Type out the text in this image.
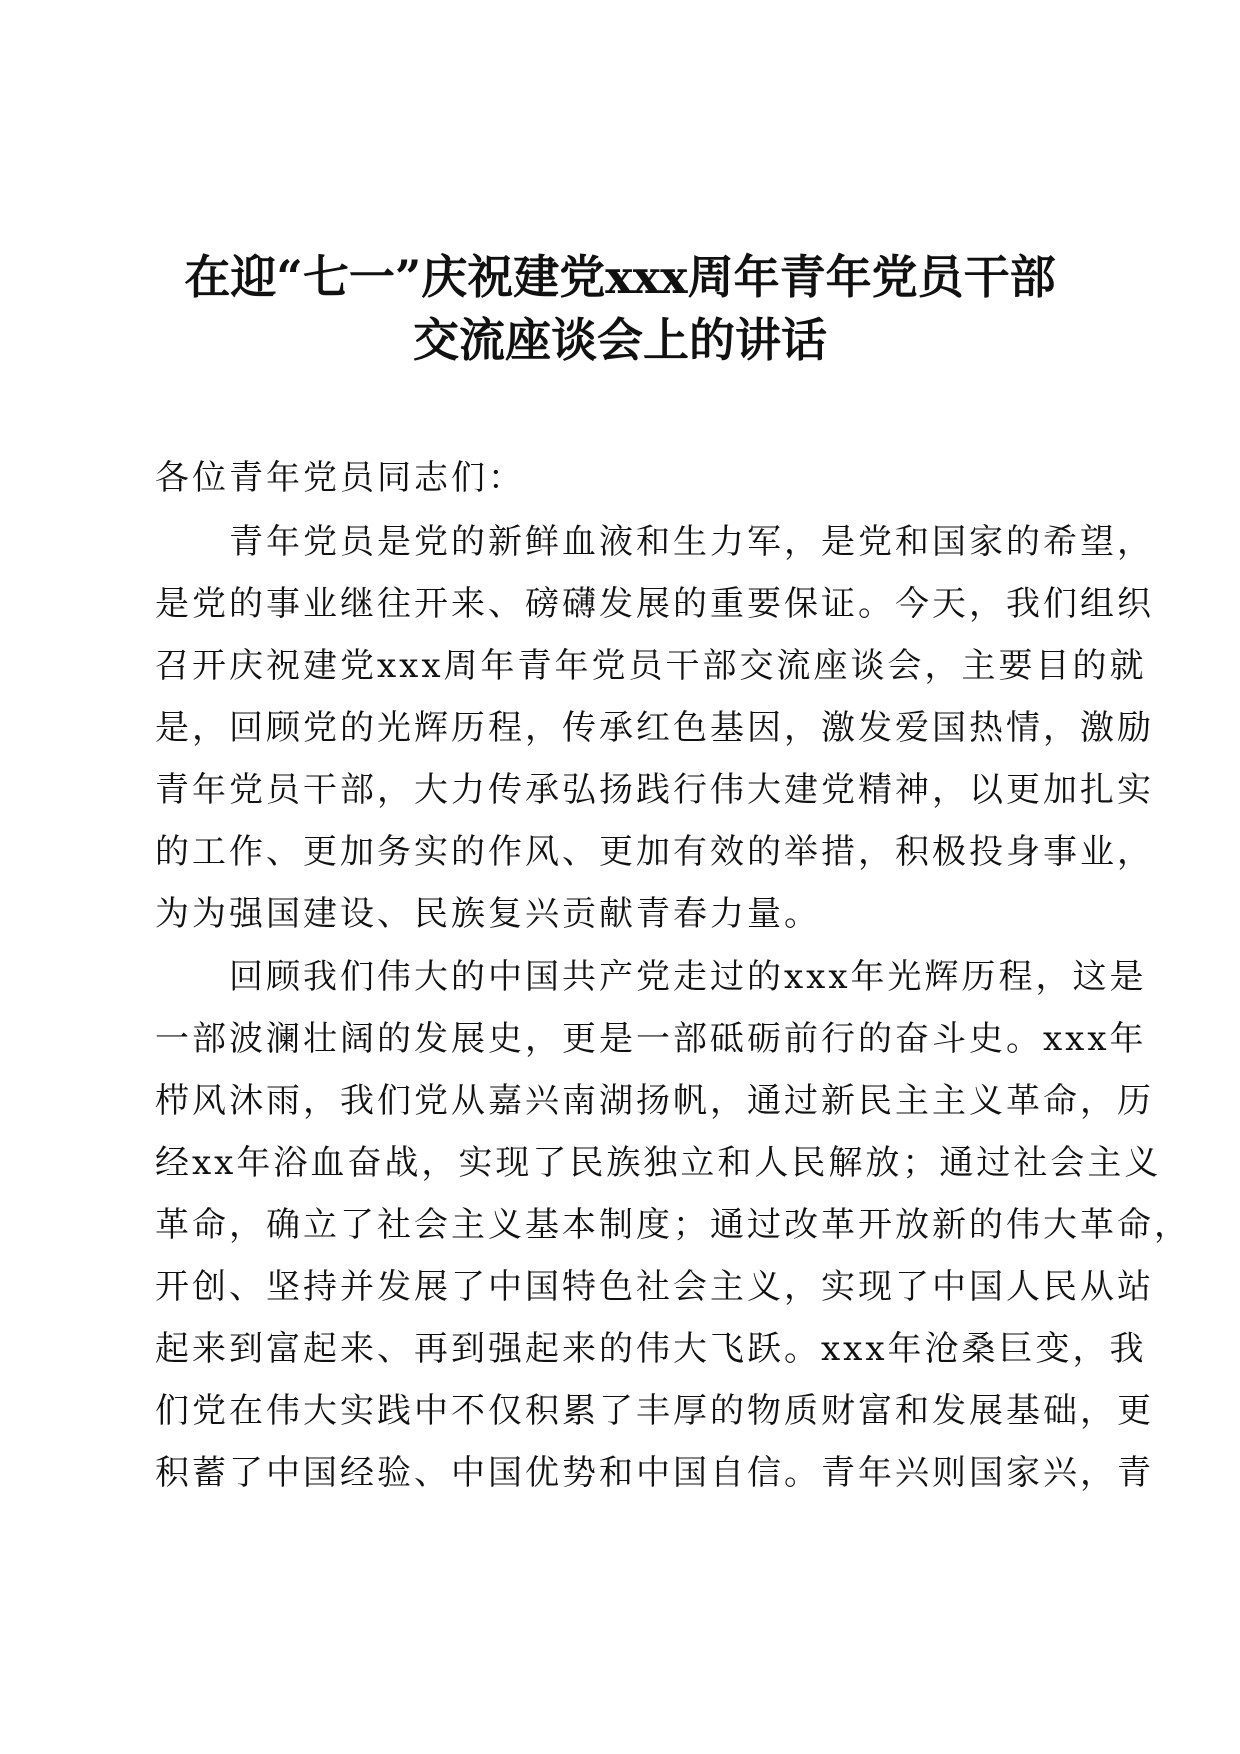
在迎“七一”庆祝建党xxx周年青年党员干部
交流座谈会上的讲话
各位青年党员同志们：
　　青年党员是党的新鲜血液和生力军，是党和国家的希望，
是党的事业继往开来、磅礴发展的重要保证。今天，我们组织
召开庆祝建党xxx周年青年党员干部交流座谈会，主要目的就
是，回顾党的光辉历程，传承红色基因，激发爱国热情，激励
青年党员干部，大力传承弘扬践行伟大建党精神，以更加扎实
的工作、更加务实的作风、更加有效的举措，积极投身事业，
为为强国建设、民族复兴贡献青春力量。
　　回顾我们伟大的中国共产党走过的xxx年光辉历程，这是
一部波澜壮阔的发展史，更是一部砥砺前行的奋斗史。xxx年
栉风沐雨，我们党从嘉兴南湖扬帆，通过新民主主义革命，历
经xx年浴血奋战，实现了民族独立和人民解放；通过社会主义
革命，确立了社会主义基本制度；通过改革开放新的伟大革命，
开创、坚持并发展了中国特色社会主义，实现了中国人民从站
起来到富起来、再到强起来的伟大飞跃。xxx年沧桑巨变，我
们党在伟大实践中不仅积累了丰厚的物质财富和发展基础，更
积蓄了中国经验、中国优势和中国自信。青年兴则国家兴，青
